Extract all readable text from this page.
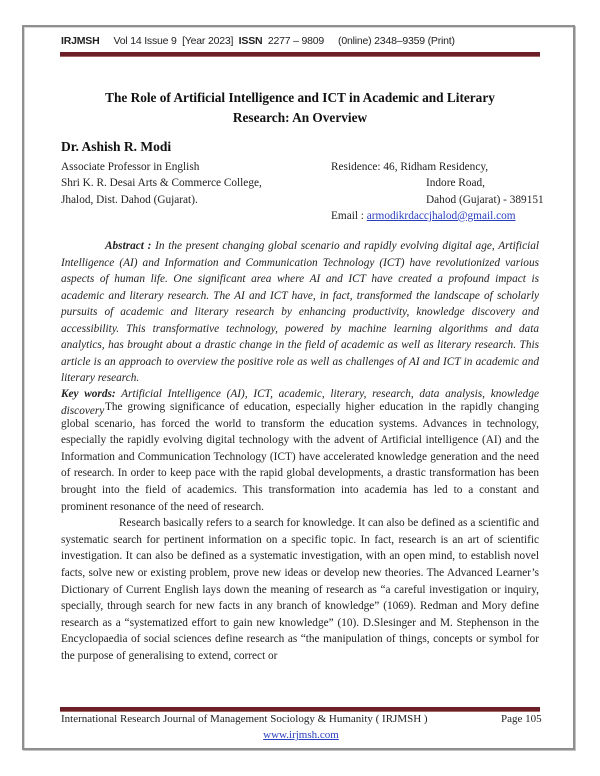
IRJMSH Vol 14 Issue 9 [Year 2023] ISSN 2277 – 9809 (0nline) 2348–9359 (Print)
The Role of Artificial Intelligence and ICT in Academic and Literary
Research: An Overview
Dr. Ashish R. Modi
Associate Professor in English
Shri K. R. Desai Arts & Commerce College,
Jhalod, Dist. Dahod (Gujarat).
Residence: 46, Ridham Residency,
Indore Road,
Dahod (Gujarat) - 389151
Email : armodikrdaccjhalod@gmail.com
Abstract : In the present changing global scenario and rapidly evolving digital age, Artificial Intelligence (AI) and Information and Communication Technology (ICT) have revolutionized various aspects of human life. One significant area where AI and ICT have created a profound impact is academic and literary research. The AI and ICT have, in fact, transformed the landscape of scholarly pursuits of academic and literary research by enhancing productivity, knowledge discovery and accessibility. This transformative technology, powered by machine learning algorithms and data analytics, has brought about a drastic change in the field of academic as well as literary research. This article is an approach to overview the positive role as well as challenges of AI and ICT in academic and literary research.
Key words: Artificial Intelligence (AI), ICT, academic, literary, research, data analysis, knowledge discovery The growing significance of education, especially higher education in the rapidly changing global scenario, has forced the world to transform the education systems. Advances in technology, especially the rapidly evolving digital technology with the advent of Artificial intelligence (AI) and the Information and Communication Technology (ICT) have accelerated knowledge generation and the need of research. In order to keep pace with the rapid global developments, a drastic transformation has been brought into the field of academics. This transformation into academia has led to a constant and prominent resonance of the need of research.

Research basically refers to a search for knowledge. It can also be defined as a scientific and systematic search for pertinent information on a specific topic. In fact, research is an art of scientific investigation. It can also be defined as a systematic investigation, with an open mind, to establish novel facts, solve new or existing problem, prove new ideas or develop new theories. The Advanced Learner’s Dictionary of Current English lays down the meaning of research as “a careful investigation or inquiry, specially, through search for new facts in any branch of knowledge” (1069). Redman and Mory define research as a “systematized effort to gain new knowledge” (10). D.Slesinger and M. Stephenson in the Encyclopaedia of social sciences define research as “the manipulation of things, concepts or symbol for the purpose of generalising to extend, correct or

International Research Journal of Management Sociology & Humanity ( IRJMSH )	Page 105
www.irjmsh.com
